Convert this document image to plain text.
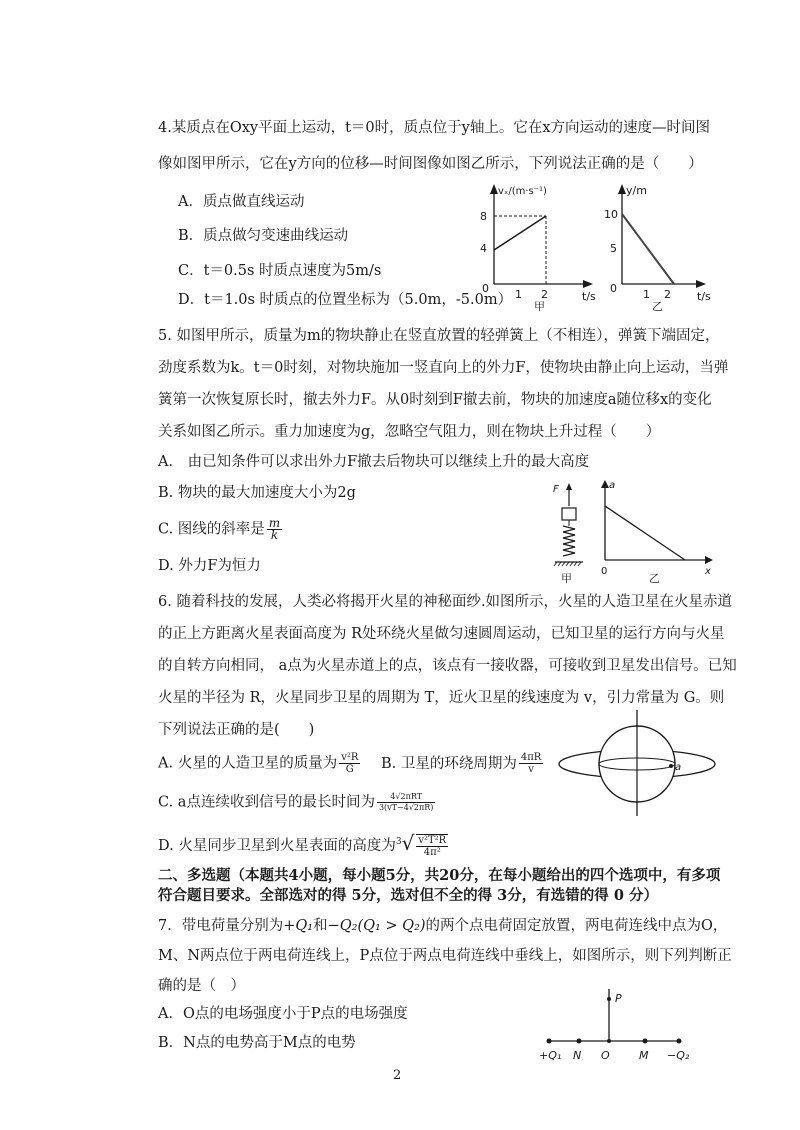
4.某质点在Oxy平面上运动，t＝0时，质点位于y轴上。它在x方向运动的速度—时间图
像如图甲所示，它在y方向的位移—时间图像如图乙所示，下列说法正确的是（　　）
A．质点做直线运动
B．质点做匀变速曲线运动
C．t＝0.5s 时质点速度为5m/s
D．t＝1.0s 时质点的位置坐标为（5.0m，-5.0m）
vₓ/(m·s⁻¹)
8
4
0 1 2	t/s
甲
y/m
10
5
0 1 2 t/s
乙
5. 如图甲所示，质量为m的物块静止在竖直放置的轻弹簧上（不相连），弹簧下端固定，
劲度系数为k。t＝0时刻，对物块施加一竖直向上的外力F，使物块由静止向上运动，当弹
簧第一次恢复原长时，撤去外力F。从0时刻到F撤去前，物块的加速度a随位移x的变化
关系如图乙所示。重力加速度为g，忽略空气阻力，则在物块上升过程（　　）
A． 由已知条件可以求出外力F撤去后物块可以继续上升的最大高度
B. 物块的最大加速度大小为2g
C. 图线的斜率是 $\frac{m}{k}$
D. 外力F为恒力
F
甲
a
x
0
乙
6. 随着科技的发展，人类必将揭开火星的神秘面纱.如图所示，火星的人造卫星在火星赤道
的正上方距离火星表面高度为 R处环绕火星做匀速圆周运动，已知卫星的运行方向与火星
的自转方向相同， a点为火星赤道上的点，该点有一接收器，可接收到卫星发出信号。已知
火星的半径为 R，火星同步卫星的周期为 T，近火卫星的线速度为 v，引力常量为 G。则
下列说法正确的是(　　)
A. 火星的人造卫星的质量为 $\frac{\text{v²R}}{G} B$. 卫星的环绕周期为 $\frac{4\pi R}{v}$
C. a点连续收到信号的最长时间为 $\frac{\text{4√2πRT}}{3(vT-4√2\pi R)}$
D. 火星同步卫星到火星表面的高度为$^3√ \frac{\text{v²T²R}}{\text{4π²}}$
a
二、多选题（本题共4小题，每小题5分，共20分，在每小题给出的四个选项中，有多项
符合题目要求。全部选对的得 5分，选对但不全的得 3分，有选错的得 0 分）
7．带电荷量分别为+Q₁和−Q₂(Q₁ > Q₂)的两个点电荷固定放置，两电荷连线中点为O，
M、N两点位于两电荷连线上，P点位于两点电荷连线中垂线上，如图所示，则下列判断正
确的是（　）
A．O点的电场强度小于P点的电场强度
B．N点的电势高于M点的电势
P
+Q₁ N O	M −Q₂
2
